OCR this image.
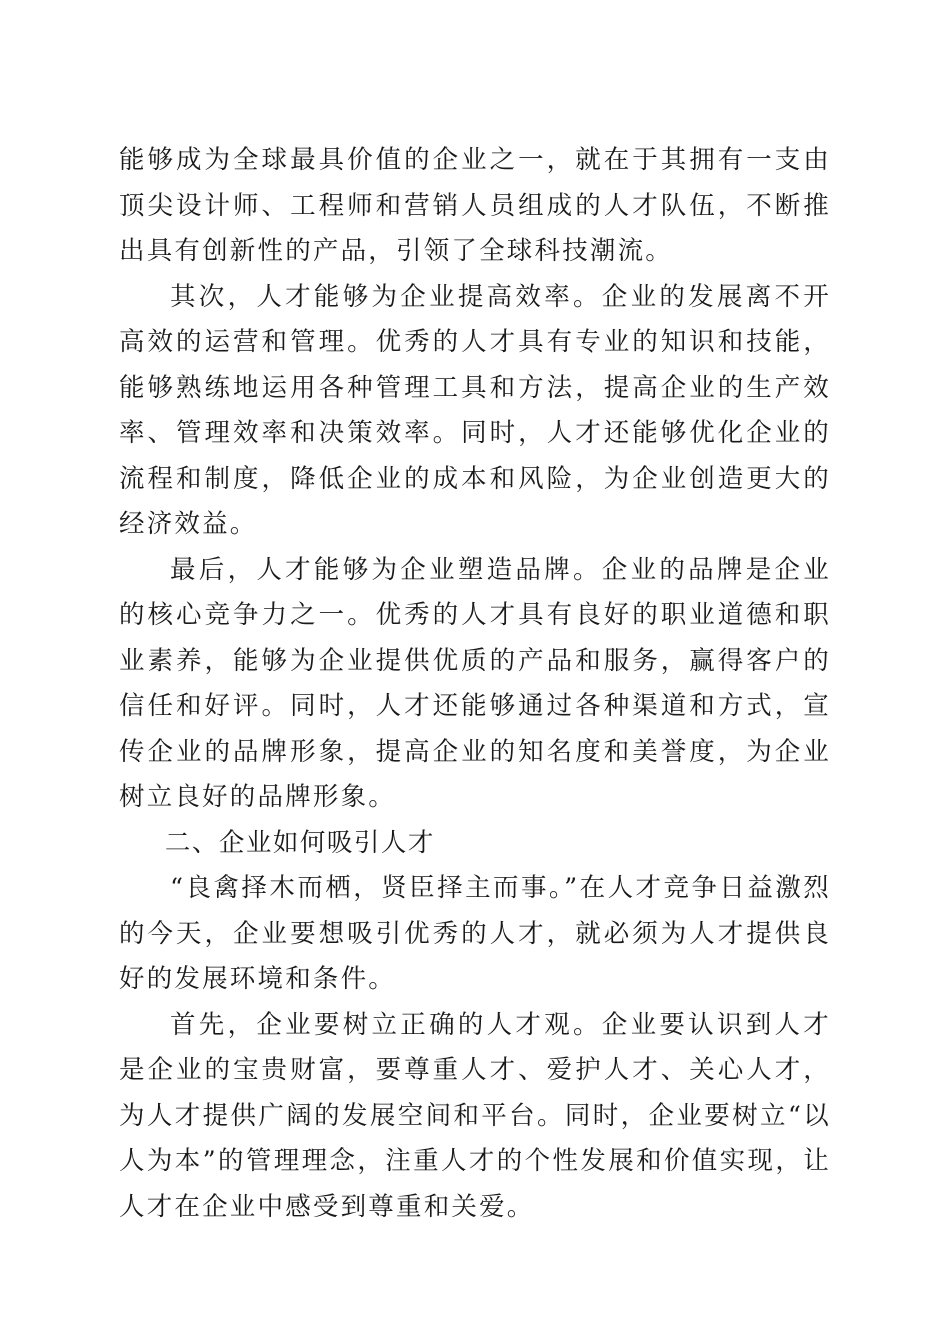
能够成为全球最具价值的企业之一，就在于其拥有一支由顶尖设计师、工程师和营销人员组成的人才队伍，不断推出具有创新性的产品，引领了全球科技潮流。

其次，人才能够为企业提高效率。企业的发展离不开高效的运营和管理。优秀的人才具有专业的知识和技能，能够熟练地运用各种管理工具和方法，提高企业的生产效率、管理效率和决策效率。同时，人才还能够优化企业的流程和制度，降低企业的成本和风险，为企业创造更大的经济效益。

最后，人才能够为企业塑造品牌。企业的品牌是企业的核心竞争力之一。优秀的人才具有良好的职业道德和职业素养，能够为企业提供优质的产品和服务，赢得客户的信任和好评。同时，人才还能够通过各种渠道和方式，宣传企业的品牌形象，提高企业的知名度和美誉度，为企业树立良好的品牌形象。

二、企业如何吸引人才

“良禽择木而栖，贤臣择主而事。”在人才竞争日益激烈的今天，企业要想吸引优秀的人才，就必须为人才提供良好的发展环境和条件。

首先，企业要树立正确的人才观。企业要认识到人才是企业的宝贵财富，要尊重人才、爱护人才、关心人才，为人才提供广阔的发展空间和平台。同时，企业要树立“以人为本”的管理理念，注重人才的个性发展和价值实现，让人才在企业中感受到尊重和关爱。
